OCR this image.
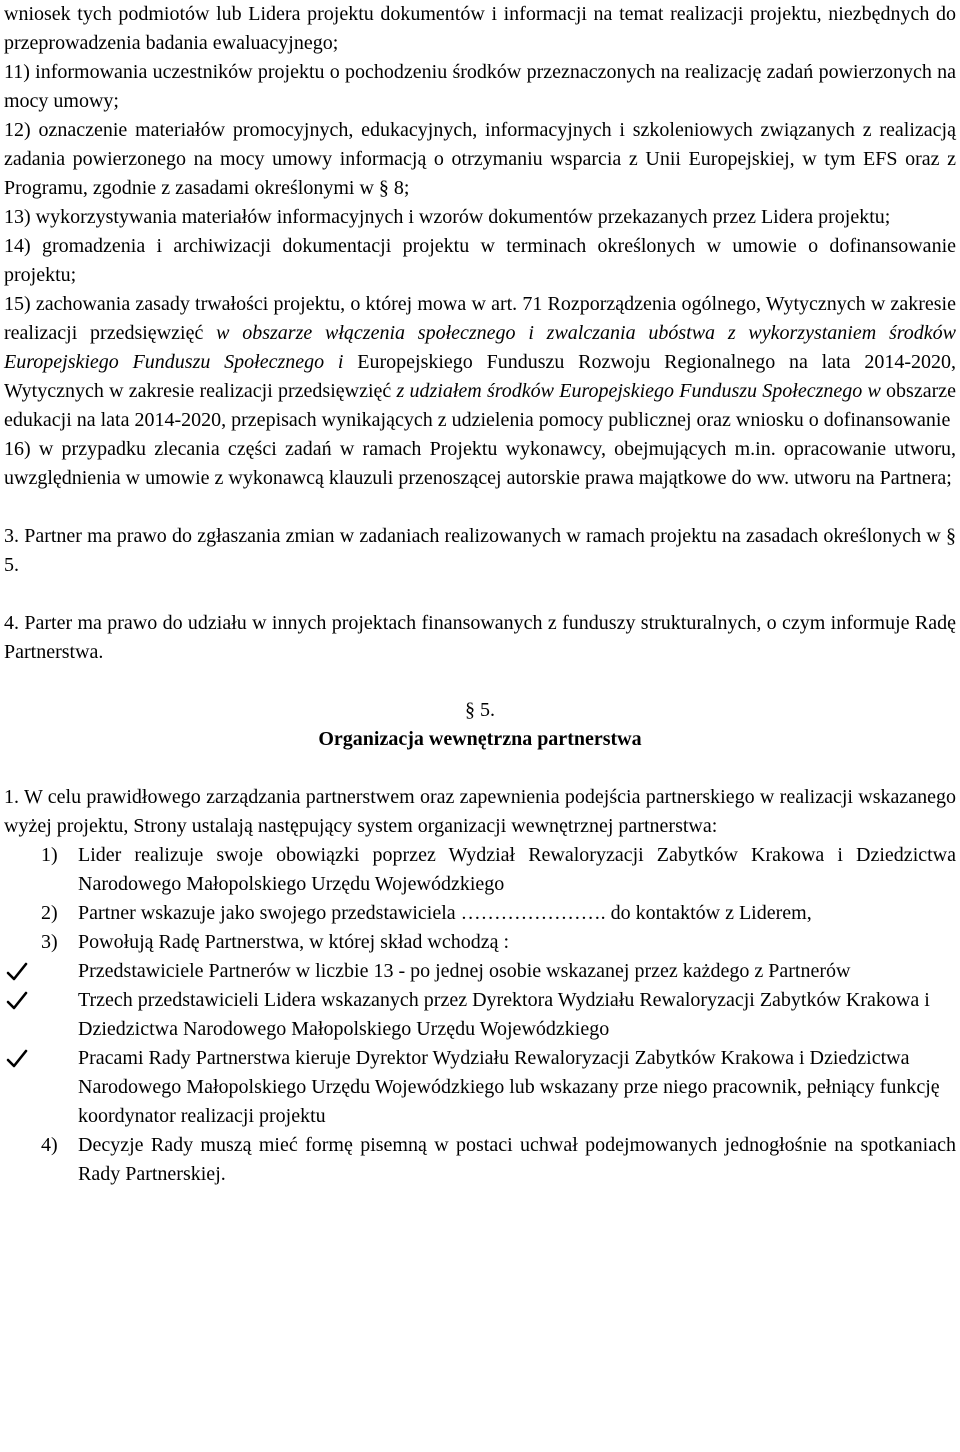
wniosek tych podmiotów lub Lidera projektu dokumentów i informacji na temat realizacji projektu, niezbędnych do przeprowadzenia badania ewaluacyjnego;

11) informowania uczestników projektu o pochodzeniu środków przeznaczonych na realizację zadań powierzonych na mocy umowy;

12) oznaczenie materiałów promocyjnych, edukacyjnych, informacyjnych i szkoleniowych związanych z realizacją zadania powierzonego na mocy umowy informacją o otrzymaniu wsparcia z Unii Europejskiej, w tym EFS oraz z Programu, zgodnie z zasadami określonymi w § 8;

13) wykorzystywania materiałów informacyjnych i wzorów dokumentów przekazanych przez Lidera projektu;

14) gromadzenia i archiwizacji dokumentacji projektu w terminach określonych w umowie o dofinansowanie projektu;

15) zachowania zasady trwałości projektu, o której mowa w art. 71 Rozporządzenia ogólnego, Wytycznych w zakresie realizacji przedsięwzięć w obszarze włączenia społecznego i zwalczania ubóstwa z wykorzystaniem środków Europejskiego Funduszu Społecznego i Europejskiego Funduszu Rozwoju Regionalnego na lata 2014-2020, Wytycznych w zakresie realizacji przedsięwzięć z udziałem środków Europejskiego Funduszu Społecznego w obszarze edukacji na lata 2014-2020, przepisach wynikających z udzielenia pomocy publicznej oraz wniosku o dofinansowanie

16) w przypadku zlecania części zadań w ramach Projektu wykonawcy, obejmujących m.in. opracowanie utworu, uwzględnienia w umowie z wykonawcą klauzuli przenoszącej autorskie prawa majątkowe do ww. utworu na Partnera;

3. Partner ma prawo do zgłaszania zmian w zadaniach realizowanych w ramach projektu na zasadach określonych w § 5.

4. Parter ma prawo do udziału w innych projektach finansowanych z funduszy strukturalnych, o czym informuje Radę Partnerstwa.

§ 5.

Organizacja wewnętrzna partnerstwa

1. W celu prawidłowego zarządzania partnerstwem oraz zapewnienia podejścia partnerskiego w realizacji wskazanego wyżej projektu, Strony ustalają następujący system organizacji wewnętrznej partnerstwa:

1) Lider realizuje swoje obowiązki poprzez Wydział Rewaloryzacji Zabytków Krakowa i Dziedzictwa Narodowego Małopolskiego Urzędu Wojewódzkiego
2) Partner wskazuje jako swojego przedstawiciela …………………. do kontaktów z Liderem,
3) Powołują Radę Partnerstwa, w której skład wchodzą :
Przedstawiciele Partnerów w liczbie 13 - po jednej osobie wskazanej przez każdego z Partnerów
Trzech przedstawicieli Lidera wskazanych przez Dyrektora Wydziału Rewaloryzacji Zabytków Krakowa i Dziedzictwa Narodowego Małopolskiego Urzędu Wojewódzkiego
Pracami Rady Partnerstwa kieruje Dyrektor Wydziału Rewaloryzacji Zabytków Krakowa i Dziedzictwa Narodowego Małopolskiego Urzędu Wojewódzkiego lub wskazany prze niego pracownik, pełniący funkcję koordynator realizacji projektu
4) Decyzje Rady muszą mieć formę pisemną w postaci uchwał podejmowanych jednogłośnie na spotkaniach Rady Partnerskiej.
